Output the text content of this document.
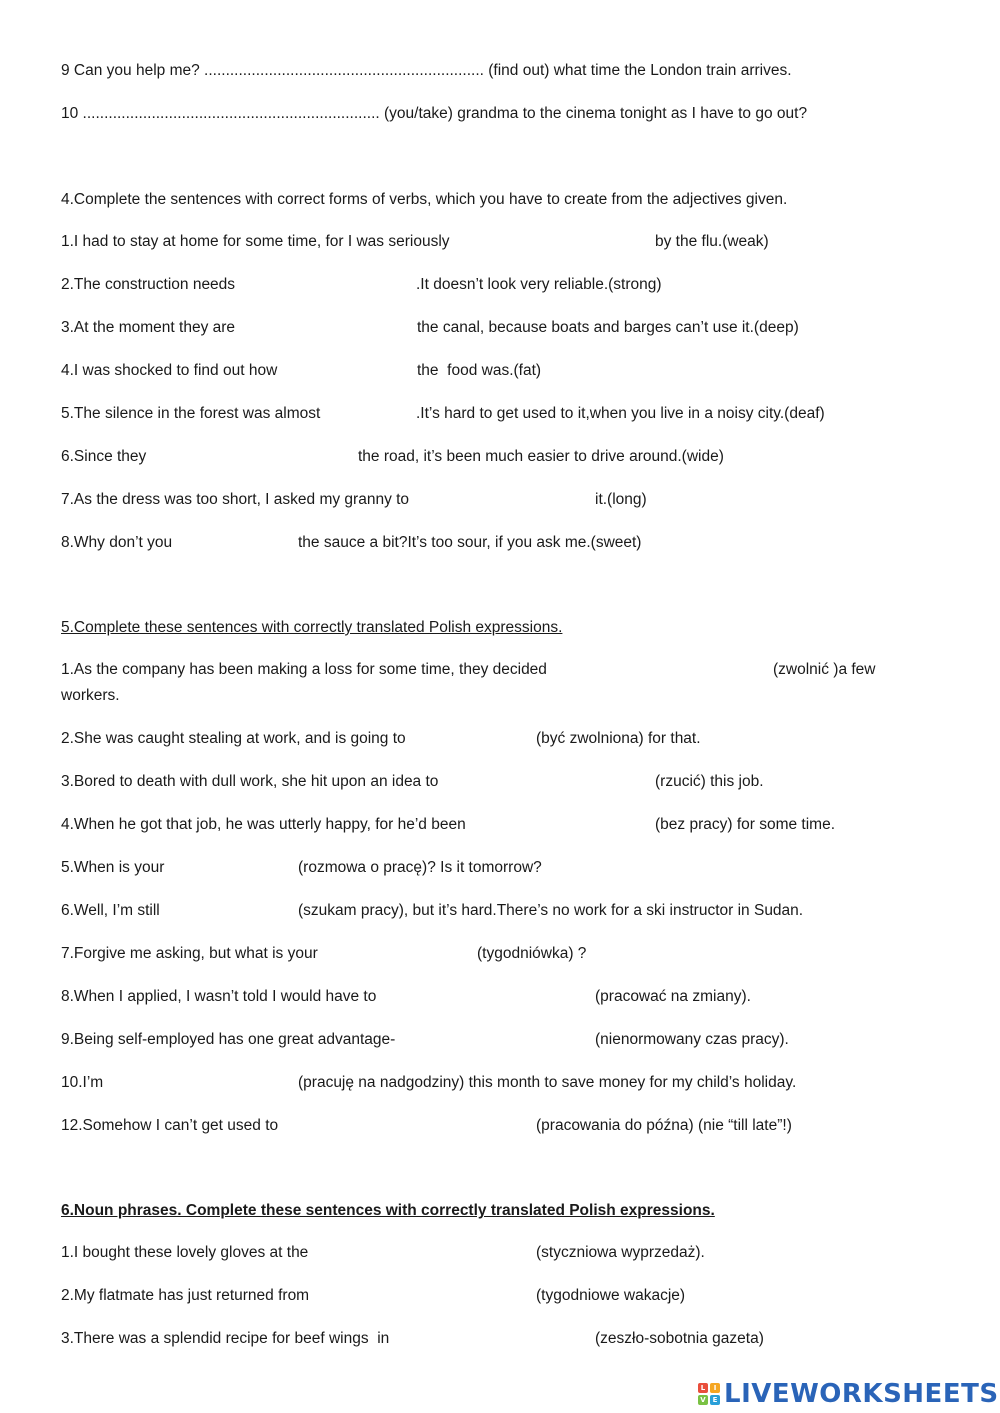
9 Can you help me? ................................................................. (find out) what time the London train arrives.
10 ..................................................................... (you/take) grandma to the cinema tonight as I have to go out?
4.Complete the sentences with correct forms of verbs, which you have to create from the adjectives given.
1.I had to stay at home for some time, for I was seriously	by the flu.(weak)
2.The construction needs	.It doesn’t look very reliable.(strong)
3.At the moment they are	the canal, because boats and barges can’t use it.(deep)
4.I was shocked to find out how	the  food was.(fat)
5.The silence in the forest was almost	.It’s hard to get used to it,when you live in a noisy city.(deaf)
6.Since they	the road, it’s been much easier to drive around.(wide)
7.As the dress was too short, I asked my granny to	it.(long)
8.Why don’t you	the sauce a bit?It’s too sour, if you ask me.(sweet)
5.Complete these sentences with correctly translated Polish expressions.
1.As the company has been making a loss for some time, they decided	(zwolnić )a few
workers.
2.She was caught stealing at work, and is going to	(być zwolniona) for that.
3.Bored to death with dull work, she hit upon an idea to	(rzucić) this job.
4.When he got that job, he was utterly happy, for he’d been	(bez pracy) for some time.
5.When is your	(rozmowa o pracę)? Is it tomorrow?
6.Well, I’m still	(szukam pracy), but it’s hard.There’s no work for a ski instructor in Sudan.
7.Forgive me asking, but what is your	(tygodniówka) ?
8.When I applied, I wasn’t told I would have to	(pracować na zmiany).
9.Being self-employed has one great advantage-	(nienormowany czas pracy).
10.I’m	(pracuję na nadgodziny) this month to save money for my child’s holiday.
12.Somehow I can’t get used to	(pracowania do późna) (nie “till late”!)
6.Noun phrases. Complete these sentences with correctly translated Polish expressions.
1.I bought these lovely gloves at the	(styczniowa wyprzedaż).
2.My flatmate has just returned from	(tygodniowe wakacje)
3.There was a splendid recipe for beef wings  in	(zeszło-sobotnia gazeta)
L	I
V E LIVEWORKSHEETS
